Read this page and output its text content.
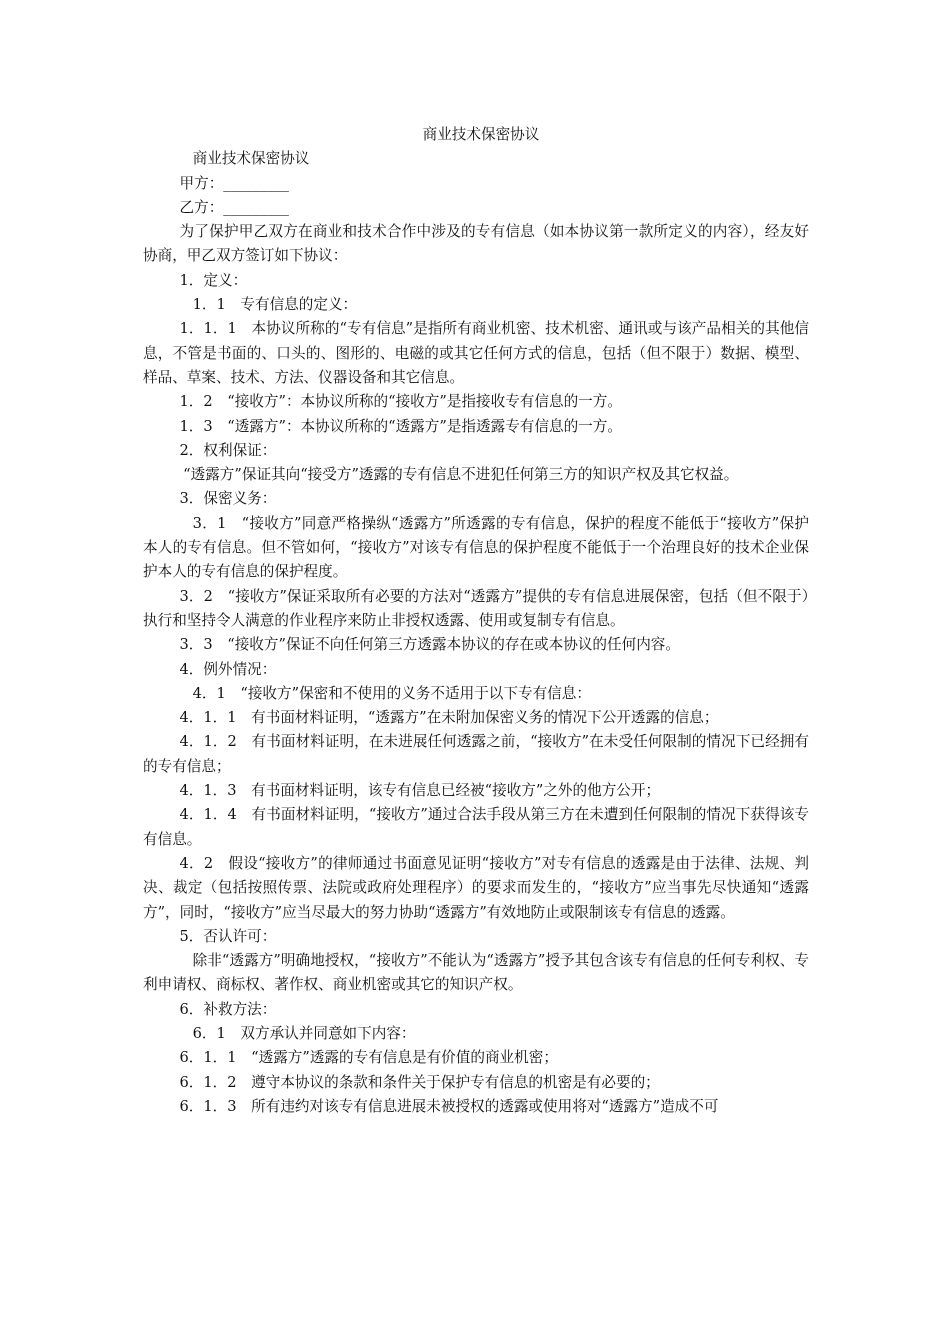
商业技术保密协议

商业技术保密协议

甲方：_________

乙方：_________

为了保护甲乙双方在商业和技术合作中涉及的专有信息（如本协议第一款所定义的内容），经友好协商，甲乙双方签订如下协议：

1．定义：

1．1　专有信息的定义：

1．1．1　本协议所称的“专有信息”是指所有商业机密、技术机密、通讯或与该产品相关的其他信息，不管是书面的、口头的、图形的、电磁的或其它任何方式的信息，包括（但不限于）数据、模型、样品、草案、技术、方法、仪器设备和其它信息。

1．2　“接收方”：本协议所称的“接收方”是指接收专有信息的一方。

1．3　“透露方”：本协议所称的“透露方”是指透露专有信息的一方。

2．权利保证：

“透露方”保证其向“接受方”透露的专有信息不进犯任何第三方的知识产权及其它权益。

3．保密义务：

3．1　“接收方”同意严格操纵“透露方”所透露的专有信息，保护的程度不能低于“接收方”保护本人的专有信息。但不管如何，“接收方”对该专有信息的保护程度不能低于一个治理良好的技术企业保护本人的专有信息的保护程度。

3．2　“接收方”保证采取所有必要的方法对“透露方”提供的专有信息进展保密，包括（但不限于）执行和坚持令人满意的作业程序来防止非授权透露、使用或复制专有信息。

3．3　“接收方”保证不向任何第三方透露本协议的存在或本协议的任何内容。

4．例外情况：

4．1　“接收方”保密和不使用的义务不适用于以下专有信息：

4．1．1　有书面材料证明，“透露方”在未附加保密义务的情况下公开透露的信息；

4．1．2　有书面材料证明，在未进展任何透露之前，“接收方”在未受任何限制的情况下已经拥有的专有信息；

4．1．3　有书面材料证明，该专有信息已经被“接收方”之外的他方公开；

4．1．4　有书面材料证明，“接收方”通过合法手段从第三方在未遭到任何限制的情况下获得该专有信息。

4．2　假设“接收方”的律师通过书面意见证明“接收方”对专有信息的透露是由于法律、法规、判决、裁定（包括按照传票、法院或政府处理程序）的要求而发生的，“接收方”应当事先尽快通知“透露方”，同时，“接收方”应当尽最大的努力协助“透露方”有效地防止或限制该专有信息的透露。

5．否认许可：

除非“透露方”明确地授权，“接收方”不能认为“透露方”授予其包含该专有信息的任何专利权、专利申请权、商标权、著作权、商业机密或其它的知识产权。

6．补救方法：

6．1　双方承认并同意如下内容：

6．1．1　“透露方”透露的专有信息是有价值的商业机密；

6．1．2　遵守本协议的条款和条件关于保护专有信息的机密是有必要的；

6．1．3　所有违约对该专有信息进展未被授权的透露或使用将对“透露方”造成不可
